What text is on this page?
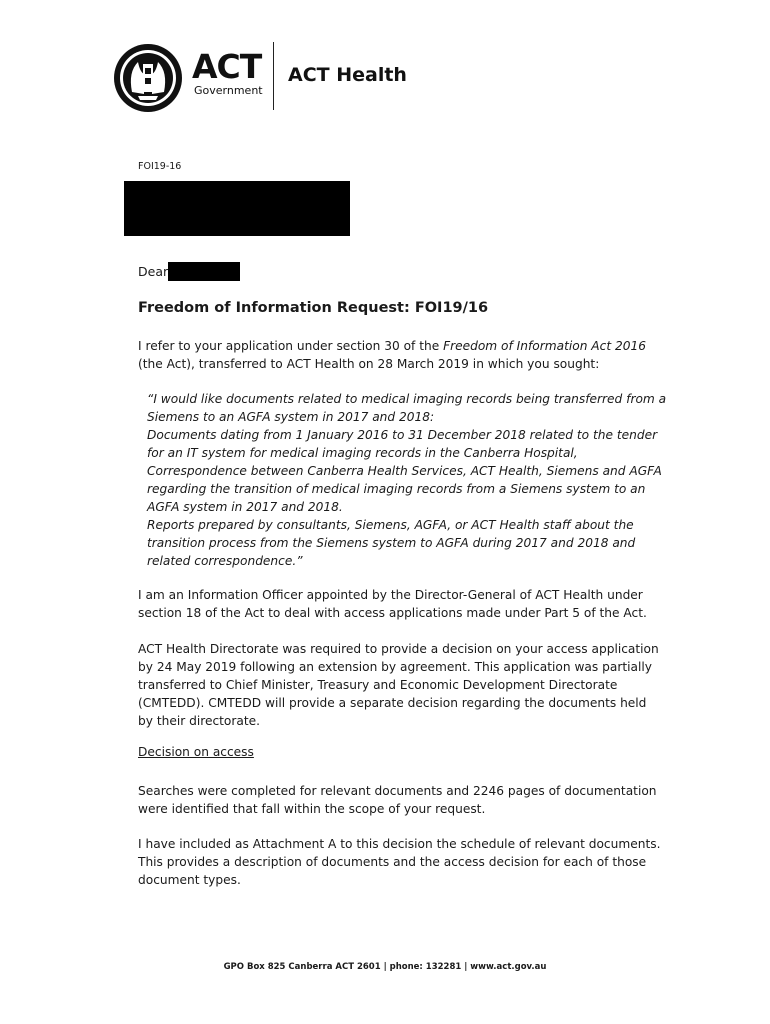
ACT
Government
ACT Health
FOI19-16
Dear
Freedom of Information Request: FOI19/16
I refer to your application under section 30 of the Freedom of Information Act 2016
(the Act), transferred to ACT Health on 28 March 2019 in which you sought:
“I would like documents related to medical imaging records being transferred from a
Siemens to an AGFA system in 2017 and 2018:
Documents dating from 1 January 2016 to 31 December 2018 related to the tender
for an IT system for medical imaging records in the Canberra Hospital,
Correspondence between Canberra Health Services, ACT Health, Siemens and AGFA
regarding the transition of medical imaging records from a Siemens system to an
AGFA system in 2017 and 2018.
Reports prepared by consultants, Siemens, AGFA, or ACT Health staff about the
transition process from the Siemens system to AGFA during 2017 and 2018 and
related correspondence.”
I am an Information Officer appointed by the Director-General of ACT Health under
section 18 of the Act to deal with access applications made under Part 5 of the Act.
ACT Health Directorate was required to provide a decision on your access application
by 24 May 2019 following an extension by agreement. This application was partially
transferred to Chief Minister, Treasury and Economic Development Directorate
(CMTEDD). CMTEDD will provide a separate decision regarding the documents held
by their directorate.
Decision on access
Searches were completed for relevant documents and 2246 pages of documentation
were identified that fall within the scope of your request.
I have included as Attachment A to this decision the schedule of relevant documents.
This provides a description of documents and the access decision for each of those
document types.
GPO Box 825 Canberra ACT 2601 | phone: 132281 | www.act.gov.au
